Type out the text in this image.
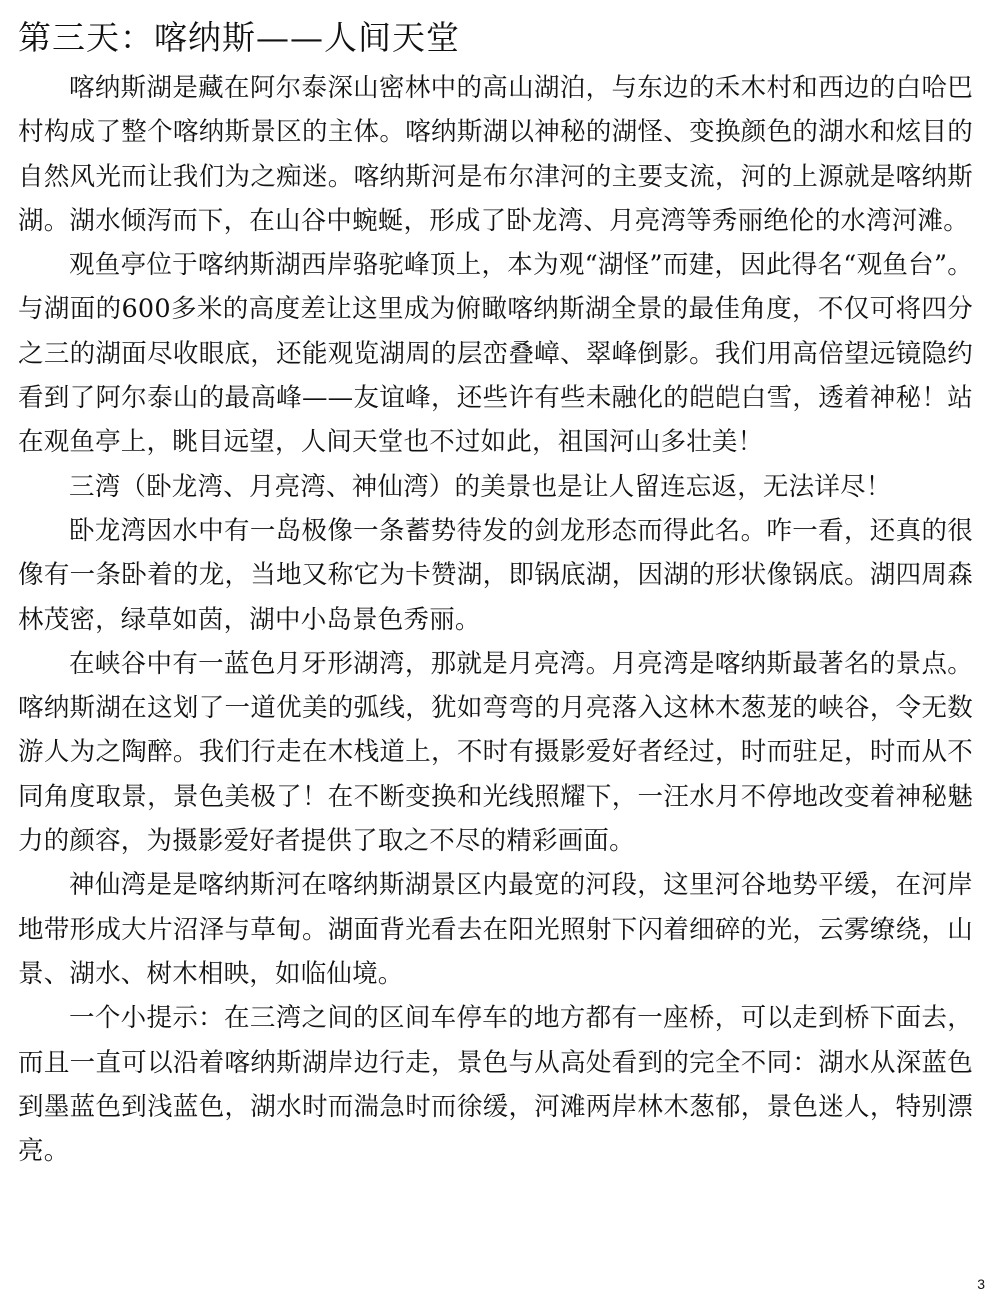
第三天：喀纳斯——人间天堂

喀纳斯湖是藏在阿尔泰深山密林中的高山湖泊，与东边的禾木村和西边的白哈巴村构成了整个喀纳斯景区的主体。喀纳斯湖以神秘的湖怪、变换颜色的湖水和炫目的自然风光而让我们为之痴迷。喀纳斯河是布尔津河的主要支流，河的上源就是喀纳斯湖。湖水倾泻而下，在山谷中蜿蜒，形成了卧龙湾、月亮湾等秀丽绝伦的水湾河滩。

观鱼亭位于喀纳斯湖西岸骆驼峰顶上，本为观“湖怪”而建，因此得名“观鱼台”。与湖面的600多米的高度差让这里成为俯瞰喀纳斯湖全景的最佳角度，不仅可将四分之三的湖面尽收眼底，还能观览湖周的层峦叠嶂、翠峰倒影。我们用高倍望远镜隐约看到了阿尔泰山的最高峰——友谊峰，还些许有些未融化的皑皑白雪，透着神秘！站在观鱼亭上，眺目远望，人间天堂也不过如此，祖国河山多壮美！

三湾（卧龙湾、月亮湾、神仙湾）的美景也是让人留连忘返，无法详尽！

卧龙湾因水中有一岛极像一条蓄势待发的剑龙形态而得此名。咋一看，还真的很像有一条卧着的龙，当地又称它为卡赞湖，即锅底湖，因湖的形状像锅底。湖四周森林茂密，绿草如茵，湖中小岛景色秀丽。

在峡谷中有一蓝色月牙形湖湾，那就是月亮湾。月亮湾是喀纳斯最著名的景点。喀纳斯湖在这划了一道优美的弧线，犹如弯弯的月亮落入这林木葱茏的峡谷，令无数游人为之陶醉。我们行走在木栈道上，不时有摄影爱好者经过，时而驻足，时而从不同角度取景，景色美极了！在不断变换和光线照耀下，一汪水月不停地改变着神秘魅力的颜容，为摄影爱好者提供了取之不尽的精彩画面。

神仙湾是是喀纳斯河在喀纳斯湖景区内最宽的河段，这里河谷地势平缓，在河岸地带形成大片沼泽与草甸。湖面背光看去在阳光照射下闪着细碎的光，云雾缭绕，山景、湖水、树木相映，如临仙境。

一个小提示：在三湾之间的区间车停车的地方都有一座桥，可以走到桥下面去，而且一直可以沿着喀纳斯湖岸边行走，景色与从高处看到的完全不同：湖水从深蓝色到墨蓝色到浅蓝色，湖水时而湍急时而徐缓，河滩两岸林木葱郁，景色迷人，特别漂亮。

3
